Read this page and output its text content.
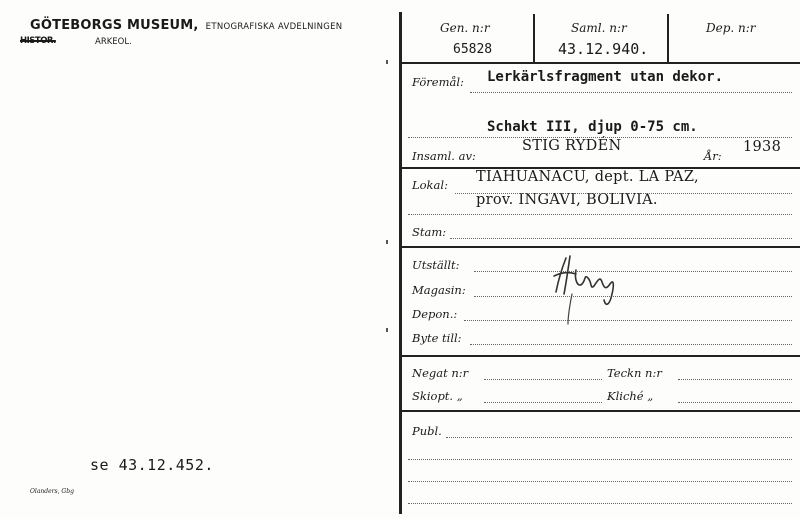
GÖTEBORGS MUSEUM, ETNOGRAFISKA AVDELNINGEN
HISTOR.	ARKEOL.
se 43.12.452.
Olanders, Gbg
Gen. n:r
65828
Saml. n:r
43.12.940.
Dep. n:r
Föremål: Lerkärlsfragment utan dekor.
Schakt III, djup 0-75 cm.
Insaml. av:
STIG RYDÉN
År:
1938
Lokal: TIAHUANACU, dept. LA PAZ,
prov. INGAVI, BOLIVIA.
Stam:
Utställt:
Magasin:
Depon.:
Byte till:
Negat n:r	Teckn n:r
Skiopt. „	Kliché „
Publ.
